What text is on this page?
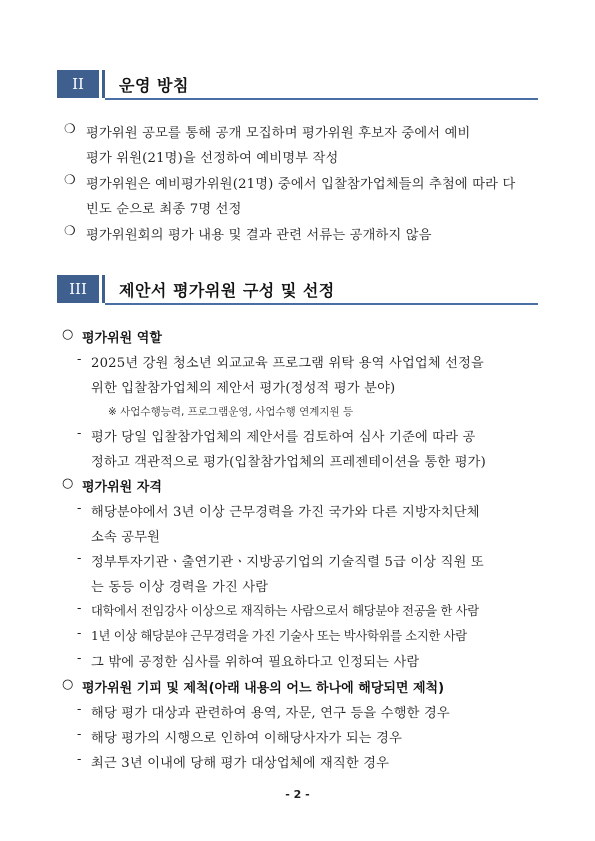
II	운영 방침
❍ 평가위원 공모를 통해 공개 모집하며 평가위원 후보자 중에서 예비
평가 위원(21명)을 선정하여 예비명부 작성
❍ 평가위원은 예비평가위원(21명) 중에서 입찰참가업체들의 추첨에 따라 다
빈도 순으로 최종 7명 선정
❍ 평가위원회의 평가 내용 및 결과 관련 서류는 공개하지 않음
III	제안서 평가위원 구성 및 선정
○ 평가위원 역할
- 2025년 강원 청소년 외교교육 프로그램 위탁 용역 사업업체 선정을
위한 입찰참가업체의 제안서 평가(정성적 평가 분야)
※ 사업수행능력, 프로그램운영, 사업수행 연계지원 등
- 평가 당일 입찰참가업체의 제안서를 검토하여 심사 기준에 따라 공
정하고 객관적으로 평가(입찰참가업체의 프레젠테이션을 통한 평가)
○ 평가위원 자격
- 해당분야에서 3년 이상 근무경력을 가진 국가와 다른 지방자치단체
소속 공무원
- 정부투자기관ㆍ출연기관ㆍ지방공기업의 기술직렬 5급 이상 직원 또
는 동등 이상 경력을 가진 사람
- 대학에서 전임강사 이상으로 재직하는 사람으로서 해당분야 전공을 한 사람
- 1년 이상 해당분야 근무경력을 가진 기술사 또는 박사학위를 소지한 사람
- 그 밖에 공정한 심사를 위하여 필요하다고 인정되는 사람
○ 평가위원 기피 및 제척(아래 내용의 어느 하나에 해당되면 제척)
- 해당 평가 대상과 관련하여 용역, 자문, 연구 등을 수행한 경우
- 해당 평가의 시행으로 인하여 이해당사자가 되는 경우
- 최근 3년 이내에 당해 평가 대상업체에 재직한 경우
- 2 -
